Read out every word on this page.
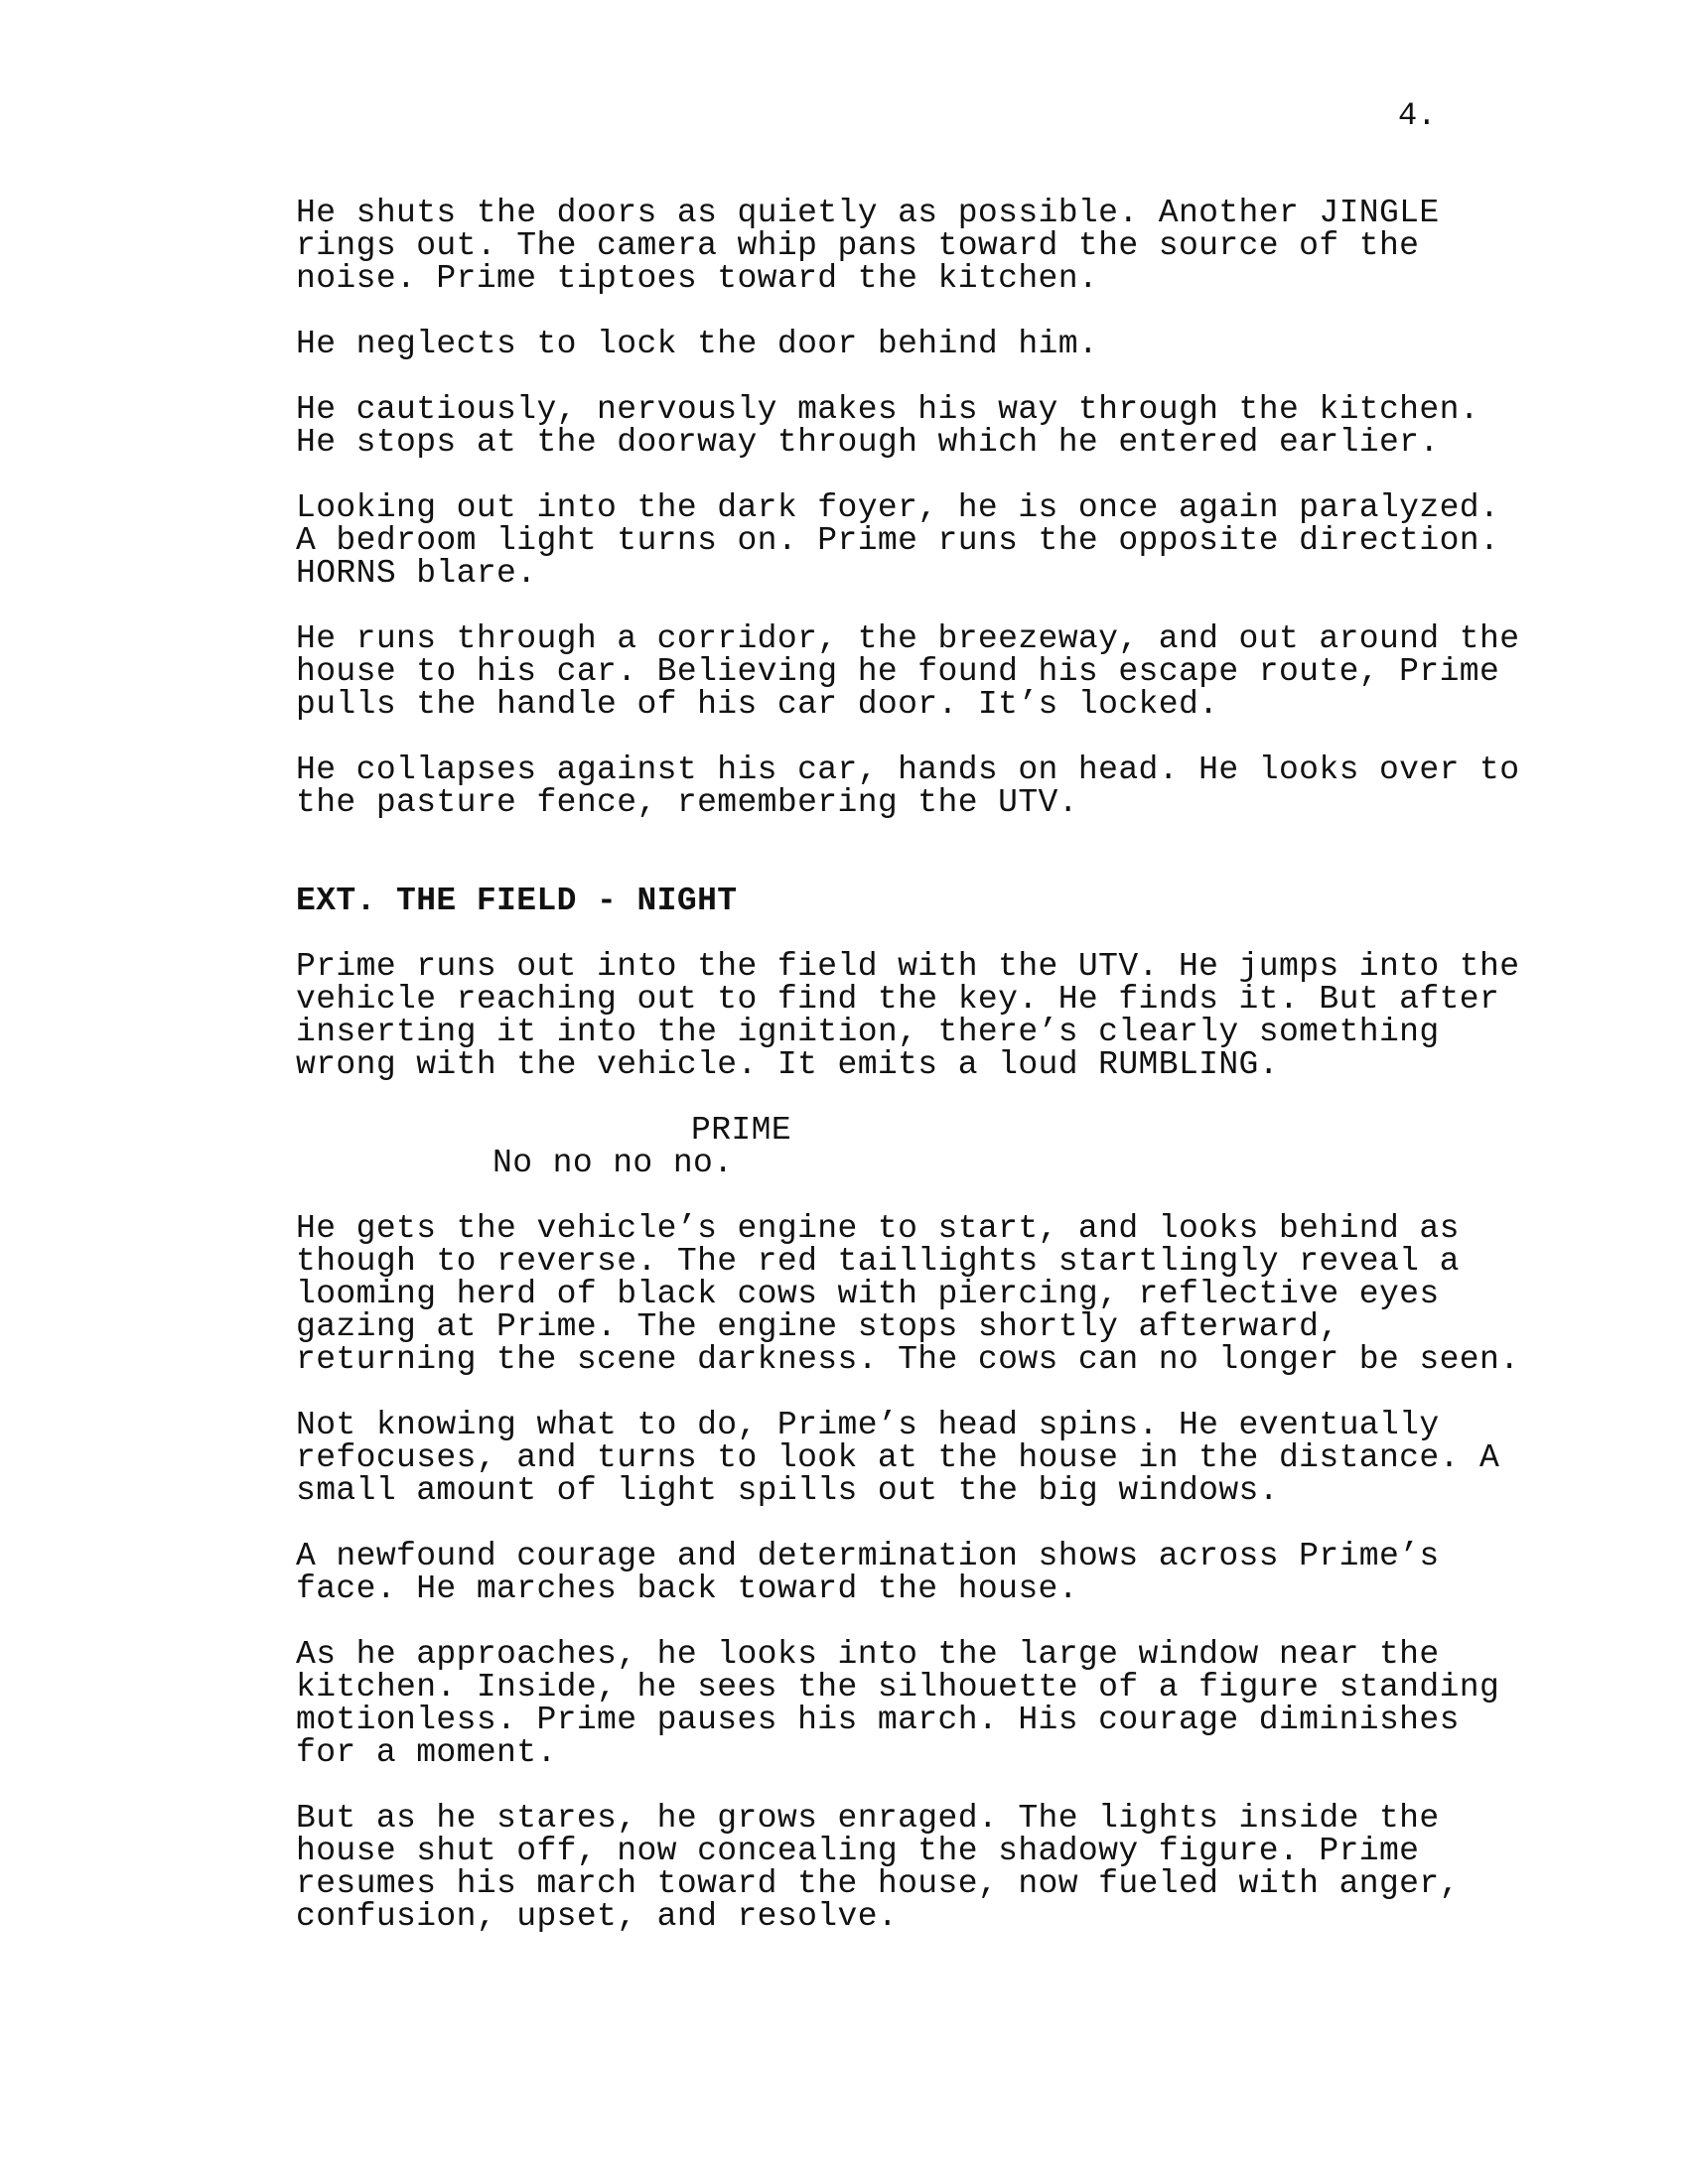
4.
He shuts the doors as quietly as possible. Another JINGLE
rings out. The camera whip pans toward the source of the
noise. Prime tiptoes toward the kitchen.
He neglects to lock the door behind him.
He cautiously, nervously makes his way through the kitchen.
He stops at the doorway through which he entered earlier.
Looking out into the dark foyer, he is once again paralyzed.
A bedroom light turns on. Prime runs the opposite direction.
HORNS blare.
He runs through a corridor, the breezeway, and out around the
house to his car. Believing he found his escape route, Prime
pulls the handle of his car door. It’s locked.
He collapses against his car, hands on head. He looks over to
the pasture fence, remembering the UTV.
EXT. THE FIELD - NIGHT
Prime runs out into the field with the UTV. He jumps into the
vehicle reaching out to find the key. He finds it. But after
inserting it into the ignition, there’s clearly something
wrong with the vehicle. It emits a loud RUMBLING.
PRIME
No no no no.
He gets the vehicle’s engine to start, and looks behind as
though to reverse. The red taillights startlingly reveal a
looming herd of black cows with piercing, reflective eyes
gazing at Prime. The engine stops shortly afterward,
returning the scene darkness. The cows can no longer be seen.
Not knowing what to do, Prime’s head spins. He eventually
refocuses, and turns to look at the house in the distance. A
small amount of light spills out the big windows.
A newfound courage and determination shows across Prime’s
face. He marches back toward the house.
As he approaches, he looks into the large window near the
kitchen. Inside, he sees the silhouette of a figure standing
motionless. Prime pauses his march. His courage diminishes
for a moment.
But as he stares, he grows enraged. The lights inside the
house shut off, now concealing the shadowy figure. Prime
resumes his march toward the house, now fueled with anger,
confusion, upset, and resolve.
